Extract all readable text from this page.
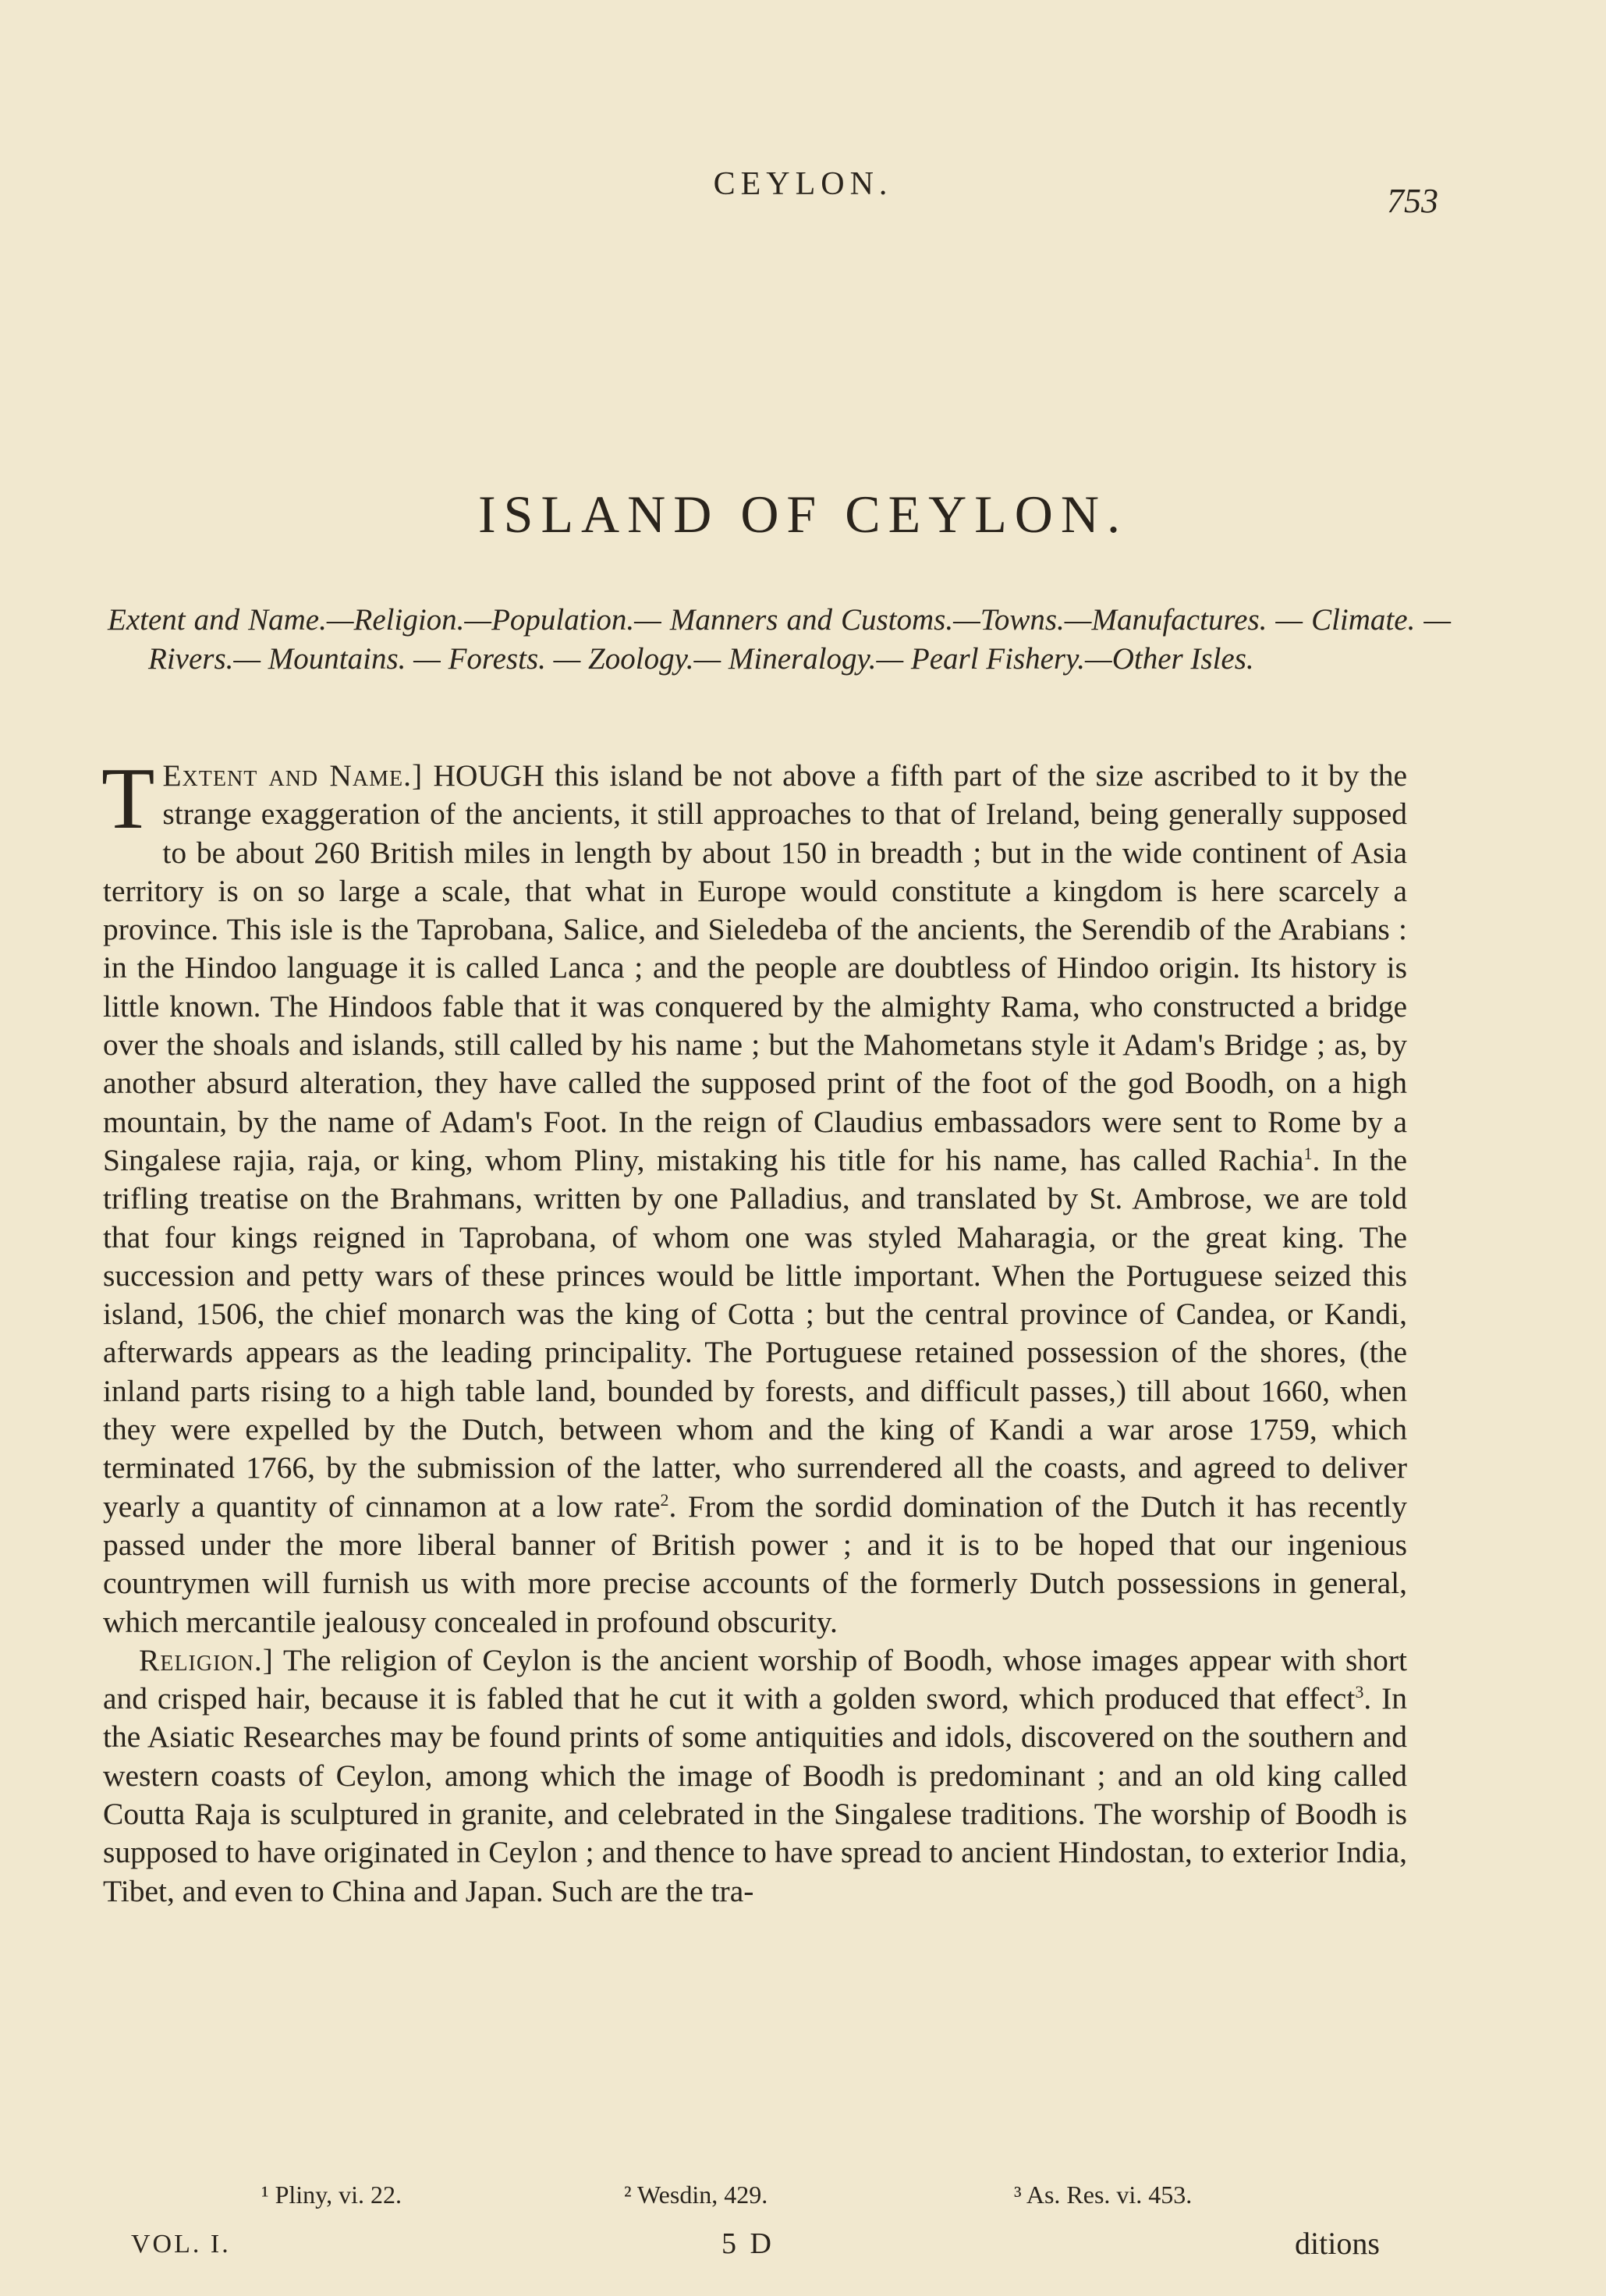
CEYLON.	753
ISLAND OF CEYLON.
Extent and Name.—Religion.—Population.— Manners and Customs.—Towns.—Manufactures. — Climate. — Rivers.— Mountains. — Forests. — Zoology.— Mineralogy.— Pearl Fishery.—Other Isles.

Extent and Name.]
T	HOUGH this island be not above a fifth part of the size ascribed to it by the strange exaggeration of the ancients, it still approaches to that of Ireland, being generally supposed to be about 260 British miles in length by about 150 in breadth ; but in the wide continent of Asia territory is on so large a scale, that what in Europe would constitute a kingdom is here scarcely a province. This isle is the Taprobana, Salice, and Sieledeba of the ancients, the Serendib of the Arabians : in the Hindoo language it is called Lanca ; and the people are doubtless of Hindoo origin. Its history is little known. The Hindoos fable that it was conquered by the almighty Rama, who constructed a bridge over the shoals and islands, still called by his name ; but the Mahometans style it Adam's Bridge ; as, by another absurd alteration, they have called the supposed print of the foot of the god Boodh, on a high mountain, by the name of Adam's Foot. In the reign of Claudius embassadors were sent to Rome by a Singalese rajia, raja, or king, whom Pliny, mistaking his title for his name, has called Rachia$^1$. In the trifling treatise on the Brahmans, written by one Palladius, and translated by St. Ambrose, we are told that four kings reigned in Taprobana, of whom one was styled Maharagia, or the great king. The succession and petty wars of these princes would be little important. When the Portuguese seized this island, 1506, the chief monarch was the king of Cotta ; but the central province of Candea, or Kandi, afterwards appears as the leading principality. The Portuguese retained possession of the shores, (the inland parts rising to a high table land, bounded by forests, and difficult passes,) till about 1660, when they were expelled by the Dutch, between whom and the king of Kandi a war arose 1759, which terminated 1766, by the submission of the latter, who surrendered all the coasts, and agreed to deliver yearly a quantity of cinnamon at a low rate$^2$. From the sordid domination of the Dutch it has recently passed under the more liberal banner of British power ; and it is to be hoped that our ingenious countrymen will furnish us with more precise accounts of the formerly Dutch possessions in general, which mercantile jealousy concealed in profound obscurity.

Religion.] The religion of Ceylon is the ancient worship of Boodh, whose images appear with short and crisped hair, because it is fabled that he cut it with a golden sword, which produced that effect$^3$. In the Asiatic Researches may be found prints of some antiquities and idols, discovered on the southern and western coasts of Ceylon, among which the image of Boodh is predominant ; and an old king called Coutta Raja is sculptured in granite, and celebrated in the Singalese traditions. The worship of Boodh is supposed to have originated in Ceylon ; and thence to have spread to ancient Hindostan, to exterior India, Tibet, and even to China and Japan. Such are the tra-

¹ Pliny, vi. 22.	² Wesdin, 429.	³ As. Res. vi. 453.
VOL. I.	5 D	ditions
